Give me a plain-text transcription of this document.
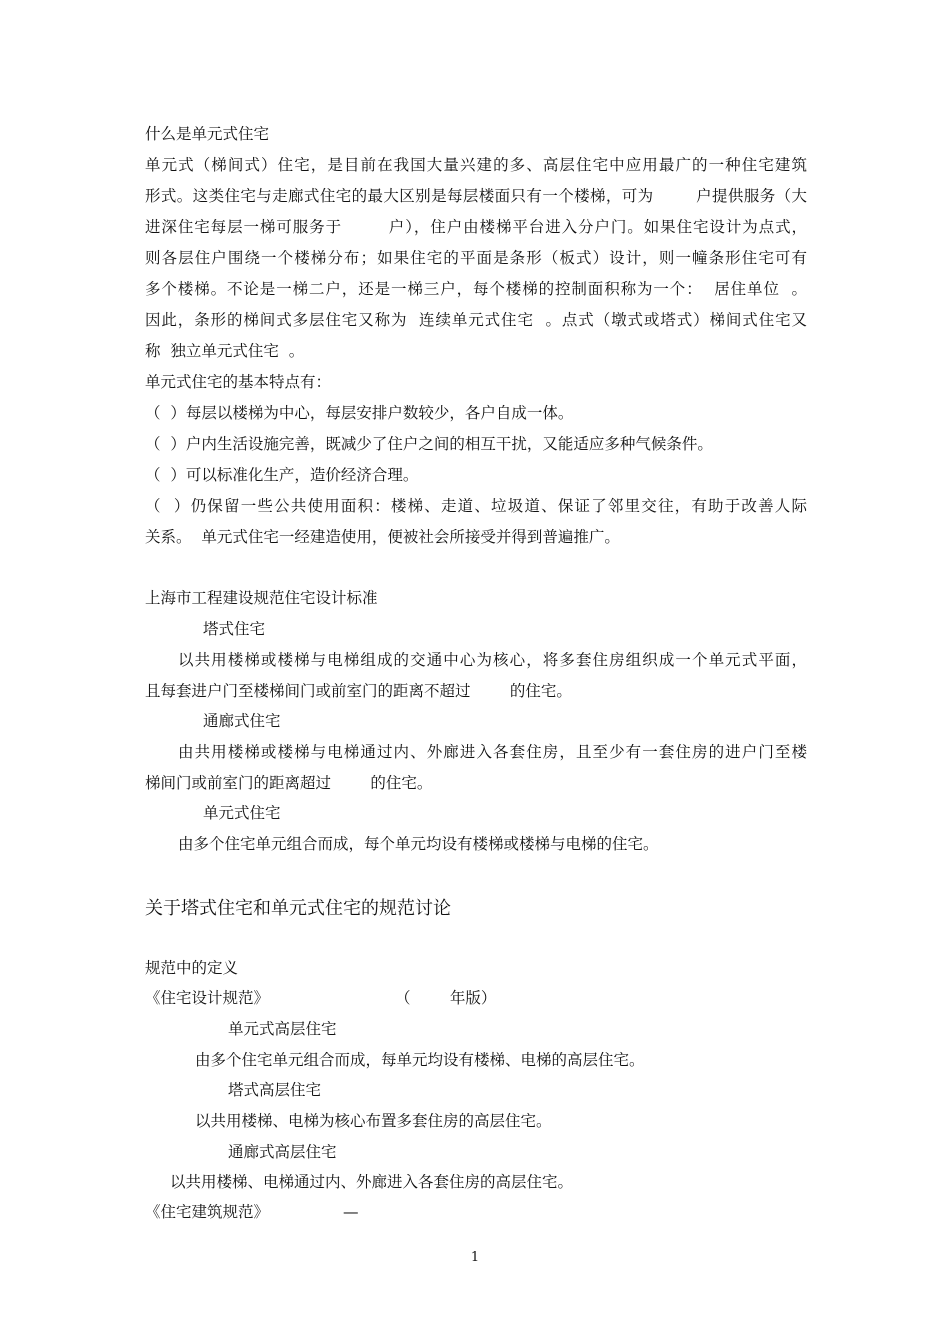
什么是单元式住宅
单元式（梯间式）住宅，是目前在我国大量兴建的多、高层住宅中应用最广的一种住宅建筑
形式。这类住宅与走廊式住宅的最大区别是每层楼面只有一个楼梯，可为        户提供服务（大
进深住宅每层一梯可服务于        户），住户由楼梯平台进入分户门。如果住宅设计为点式，
则各层住户围绕一个楼梯分布；如果住宅的平面是条形（板式）设计，则一幢条形住宅可有
多个楼梯。不论是一梯二户，还是一梯三户，每个楼梯的控制面积称为一个：  居住单位  。
因此，条形的梯间式多层住宅又称为  连续单元式住宅  。点式（墩式或塔式）梯间式住宅又
称  独立单元式住宅  。
单元式住宅的基本特点有：
（  ）每层以楼梯为中心，每层安排户数较少，各户自成一体。
（  ）户内生活设施完善，既减少了住户之间的相互干扰，又能适应多种气候条件。
（  ）可以标准化生产，造价经济合理。
（  ）仍保留一些公共使用面积：楼梯、走道、垃圾道、保证了邻里交往，有助于改善人际
关系。  单元式住宅一经建造使用，便被社会所接受并得到普遍推广。
上海市工程建设规范住宅设计标准
塔式住宅
以共用楼梯或楼梯与电梯组成的交通中心为核心，将多套住房组织成一个单元式平面，
且每套进户门至楼梯间门或前室门的距离不超过        的住宅。
通廊式住宅
由共用楼梯或楼梯与电梯通过内、外廊进入各套住房，且至少有一套住房的进户门至楼
梯间门或前室门的距离超过        的住宅。
单元式住宅
由多个住宅单元组合而成，每个单元均设有楼梯或楼梯与电梯的住宅。
关于塔式住宅和单元式住宅的规范讨论
规范中的定义
《住宅设计规范》	（        年版）
单元式高层住宅
由多个住宅单元组合而成，每单元均设有楼梯、电梯的高层住宅。
塔式高层住宅
以共用楼梯、电梯为核心布置多套住房的高层住宅。
通廊式高层住宅
以共用楼梯、电梯通过内、外廊进入各套住房的高层住宅。
《住宅建筑规范》	—
1
